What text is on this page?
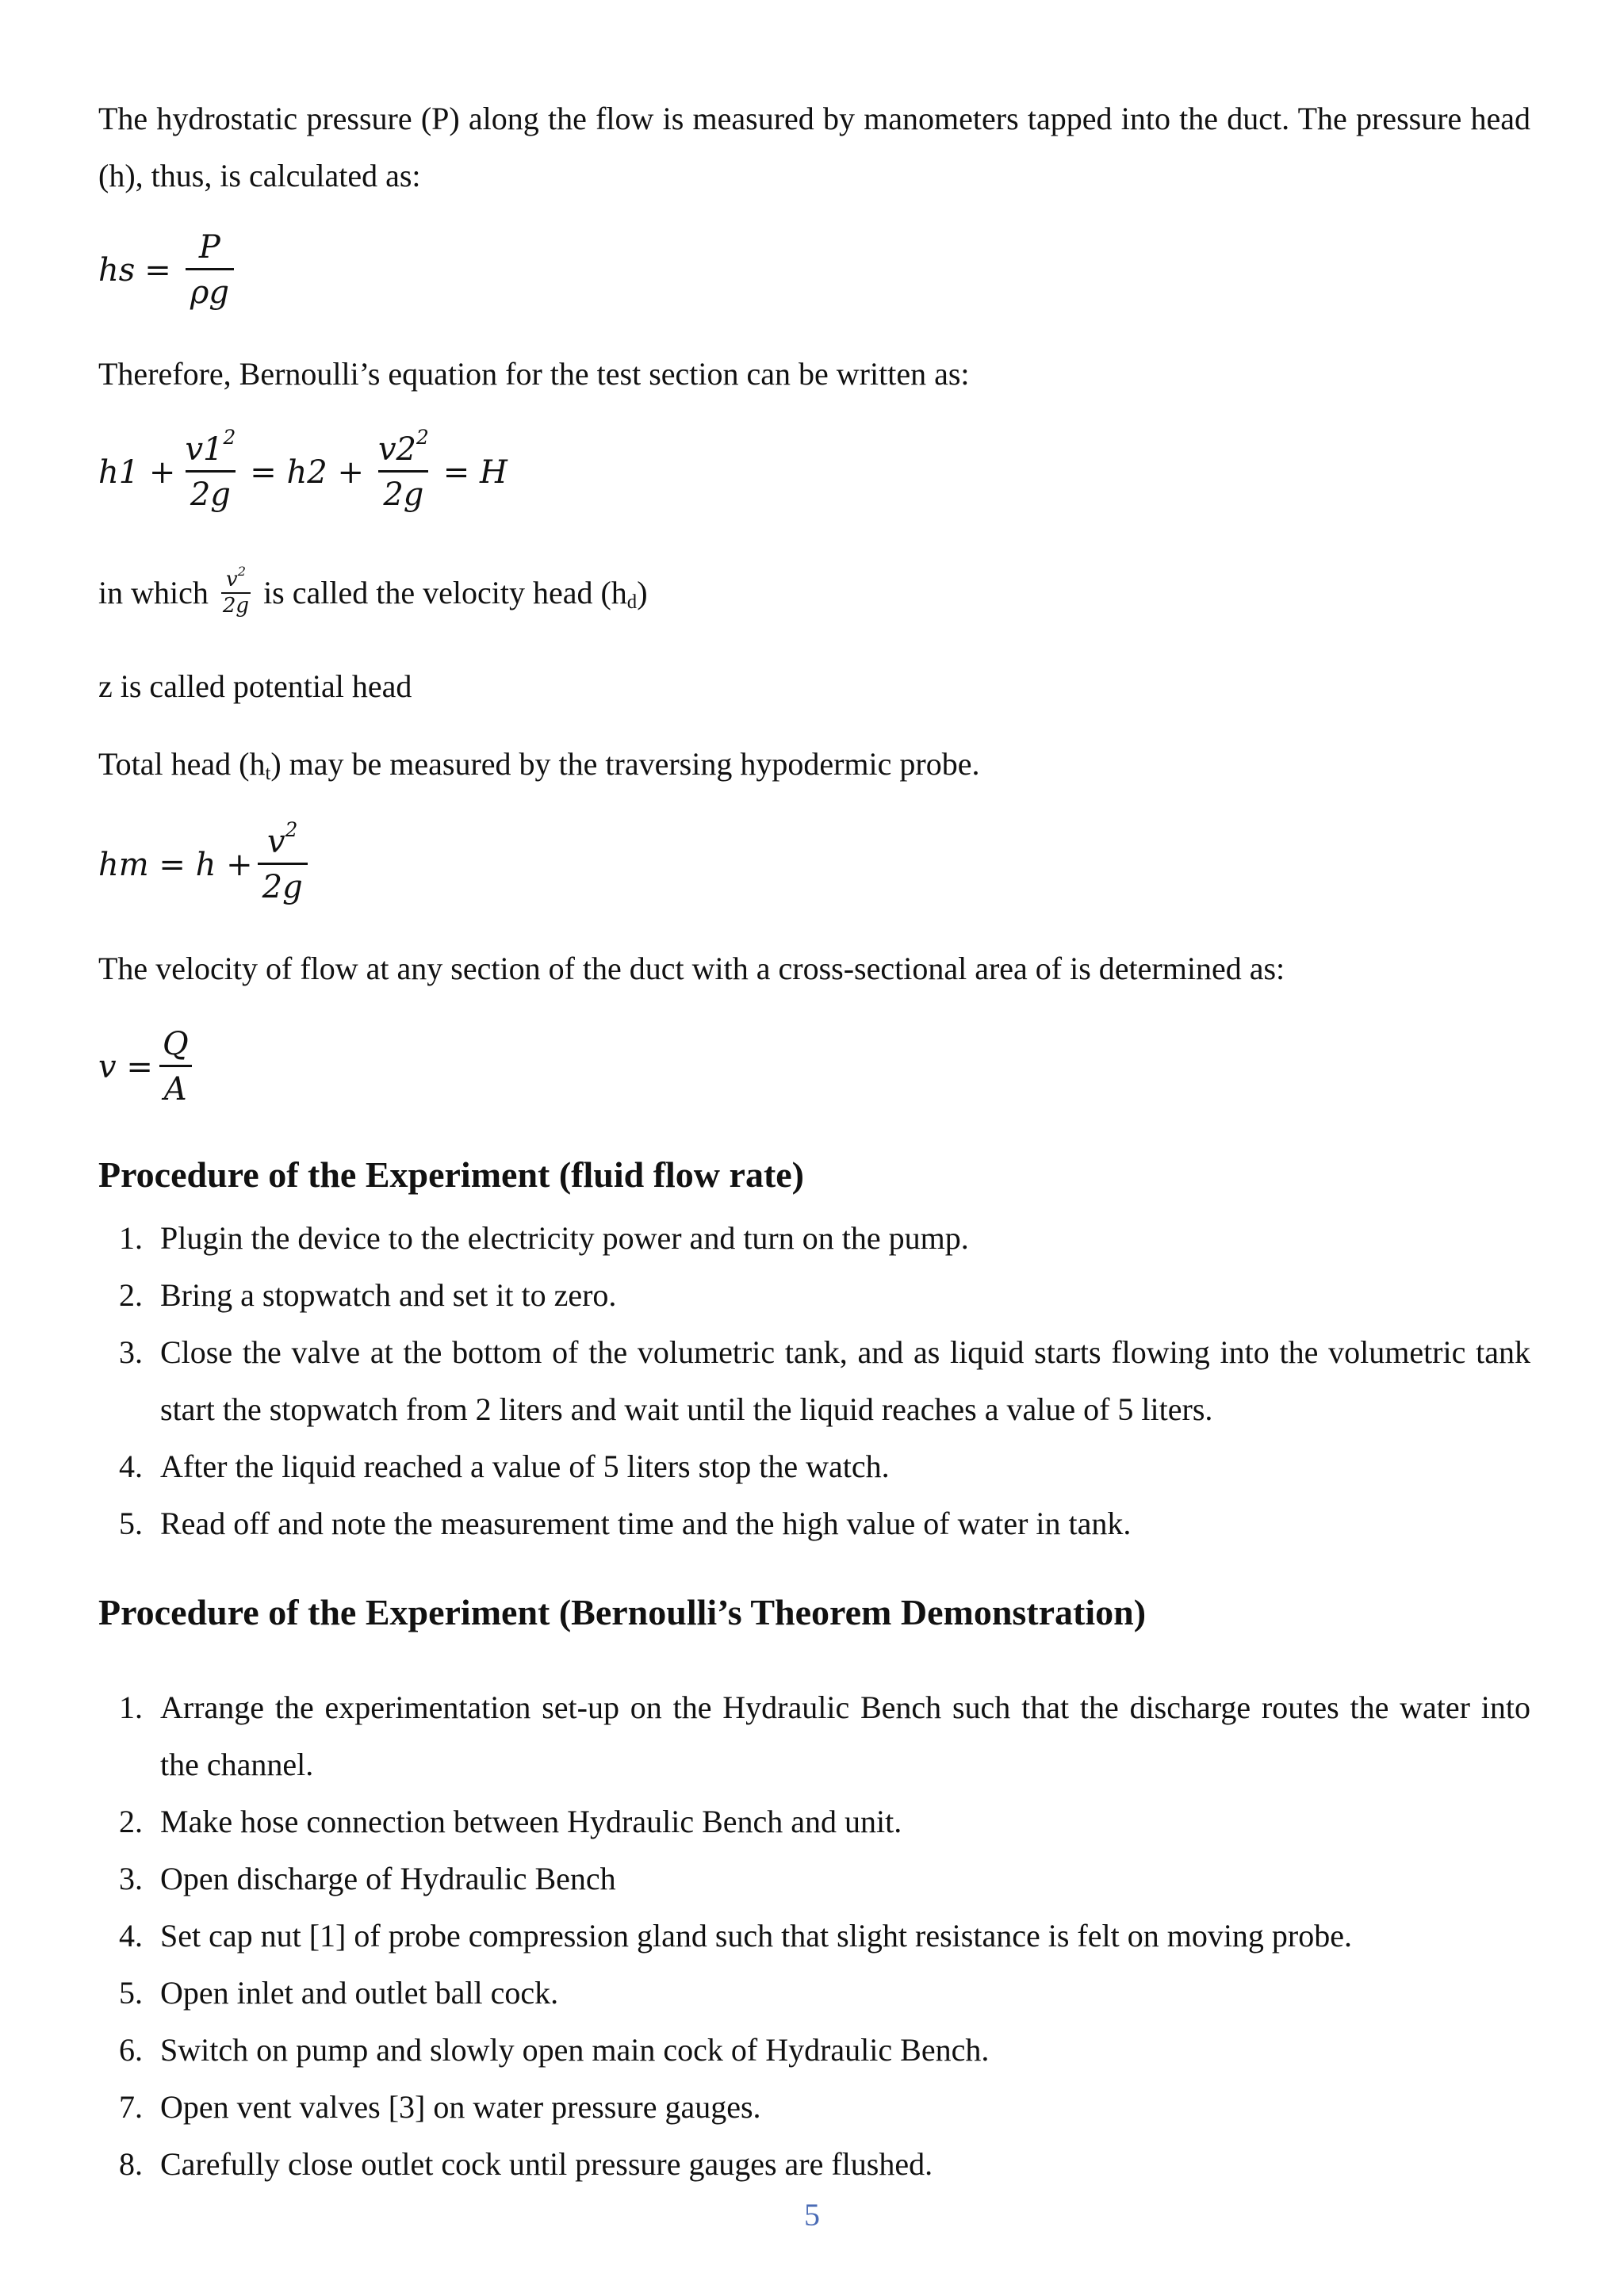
The hydrostatic pressure (P) along the flow is measured by manometers tapped into the duct. The pressure head (h), thus, is calculated as:

hs = $\frac{P}{\rho g}$

Therefore, Bernoulli’s equation for the test section can be written as:

$h1 + \frac{v1^2}{2g} = h2 + \frac{v2^2}{2g} = H$

in which $\frac{v^2}{2g}$ is called the velocity head $(h_d)$

z is called potential head

Total head $(h_t)$ may be measured by the traversing hypodermic probe.

hm = $h + \frac{v^2}{2g}$

The velocity of flow at any section of the duct with a cross-sectional area of is determined as:

$v = \frac{Q}{A}$
Procedure of the Experiment (fluid flow rate)
1. Plugin the device to the electricity power and turn on the pump.
2. Bring a stopwatch and set it to zero.
3. Close the valve at the bottom of the volumetric tank, and as liquid starts flowing into the volumetric tank start the stopwatch from 2 liters and wait until the liquid reaches a value of 5 liters.
4. After the liquid reached a value of 5 liters stop the watch.
5. Read off and note the measurement time and the high value of water in tank.
Procedure of the Experiment (Bernoulli’s Theorem Demonstration)
1. Arrange the experimentation set-up on the Hydraulic Bench such that the discharge routes the water into the channel.
2. Make hose connection between Hydraulic Bench and unit.
3. Open discharge of Hydraulic Bench
4. Set cap nut [1] of probe compression gland such that slight resistance is felt on moving probe.
5. Open inlet and outlet ball cock.
6. Switch on pump and slowly open main cock of Hydraulic Bench.
7. Open vent valves [3] on water pressure gauges.
8. Carefully close outlet cock until pressure gauges are flushed.
5
